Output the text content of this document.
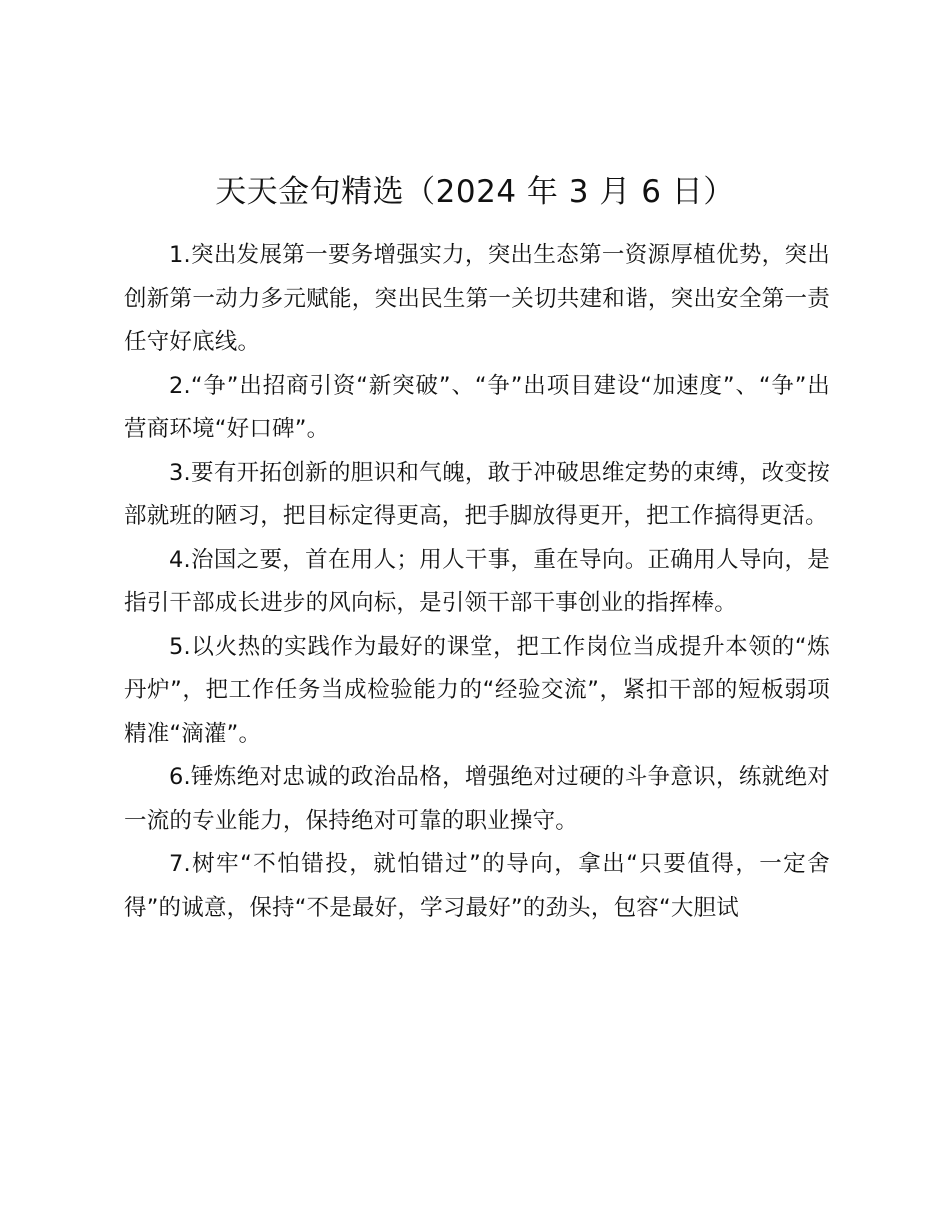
天天金句精选（2024 年 3 月 6 日）

1.突出发展第一要务增强实力，突出生态第一资源厚植优势，突出创新第一动力多元赋能，突出民生第一关切共建和谐，突出安全第一责任守好底线。

2.“争”出招商引资“新突破”、“争”出项目建设“加速度”、“争”出营商环境“好口碑”。

3.要有开拓创新的胆识和气魄，敢于冲破思维定势的束缚，改变按部就班的陋习，把目标定得更高，把手脚放得更开，把工作搞得更活。

4.治国之要，首在用人；用人干事，重在导向。正确用人导向，是指引干部成长进步的风向标，是引领干部干事创业的指挥棒。

5.以火热的实践作为最好的课堂，把工作岗位当成提升本领的“炼丹炉”，把工作任务当成检验能力的“经验交流”，紧扣干部的短板弱项精准“滴灌”。

6.锤炼绝对忠诚的政治品格，增强绝对过硬的斗争意识，练就绝对一流的专业能力，保持绝对可靠的职业操守。

7.树牢“不怕错投，就怕错过”的导向，拿出“只要值得，一定舍得”的诚意，保持“不是最好，学习最好”的劲头，包容“大胆试
